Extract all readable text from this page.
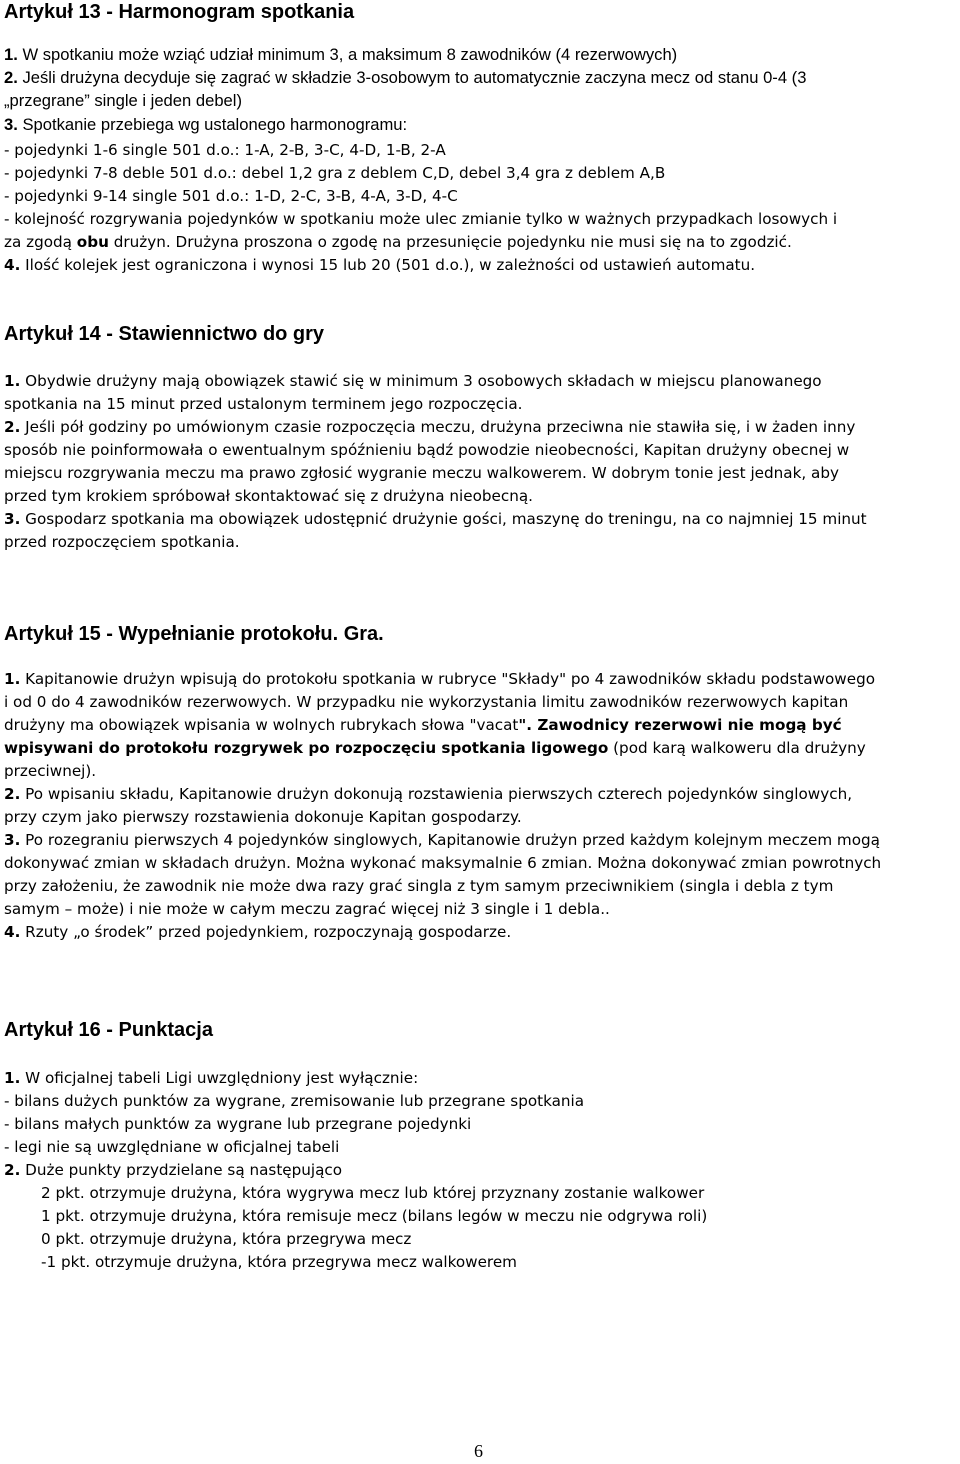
Artykuł 13 - Harmonogram spotkania

1. W spotkaniu może wziąć udział minimum 3, a maksimum 8 zawodników (4 rezerwowych)

2. Jeśli drużyna decyduje się zagrać w składzie 3-osobowym to automatycznie zaczyna mecz od stanu 0-4 (3

„przegrane” single i jeden debel)

3. Spotkanie przebiega wg ustalonego harmonogramu:

- pojedynki 1-6 single 501 d.o.: 1-A, 2-B, 3-C, 4-D, 1-B, 2-A

- pojedynki 7-8 deble 501 d.o.: debel 1,2 gra z deblem C,D, debel 3,4 gra z deblem A,B

- pojedynki 9-14 single 501 d.o.: 1-D, 2-C, 3-B, 4-A, 3-D, 4-C

- kolejność rozgrywania pojedynków w spotkaniu może ulec zmianie tylko w ważnych przypadkach losowych i

za zgodą obu drużyn. Drużyna proszona o zgodę na przesunięcie pojedynku nie musi się na to zgodzić.

4. Ilość kolejek jest ograniczona i wynosi 15 lub 20 (501 d.o.), w zależności od ustawień automatu.

Artykuł 14 - Stawiennictwo do gry

1. Obydwie drużyny mają obowiązek stawić się w minimum 3 osobowych składach w miejscu planowanego

spotkania na 15 minut przed ustalonym terminem jego rozpoczęcia.

2. Jeśli pół godziny po umówionym czasie rozpoczęcia meczu, drużyna przeciwna nie stawiła się, i w żaden inny

sposób nie poinformowała o ewentualnym spóźnieniu bądź powodzie nieobecności, Kapitan drużyny obecnej w

miejscu rozgrywania meczu ma prawo zgłosić wygranie meczu walkowerem. W dobrym tonie jest jednak, aby

przed tym krokiem spróbował skontaktować się z drużyna nieobecną.

3. Gospodarz spotkania ma obowiązek udostępnić drużynie gości, maszynę do treningu, na co najmniej 15 minut

przed rozpoczęciem spotkania.

Artykuł 15 - Wypełnianie protokołu. Gra.

1. Kapitanowie drużyn wpisują do protokołu spotkania w rubryce "Składy" po 4 zawodników składu podstawowego

i od 0 do 4 zawodników rezerwowych. W przypadku nie wykorzystania limitu zawodników rezerwowych kapitan

drużyny ma obowiązek wpisania w wolnych rubrykach słowa "vacat". Zawodnicy rezerwowi nie mogą być

wpisywani do protokołu rozgrywek po rozpoczęciu spotkania ligowego (pod karą walkoweru dla drużyny

przeciwnej).

2. Po wpisaniu składu, Kapitanowie drużyn dokonują rozstawienia pierwszych czterech pojedynków singlowych,

przy czym jako pierwszy rozstawienia dokonuje Kapitan gospodarzy.

3. Po rozegraniu pierwszych 4 pojedynków singlowych, Kapitanowie drużyn przed każdym kolejnym meczem mogą

dokonywać zmian w składach drużyn. Można wykonać maksymalnie 6 zmian. Można dokonywać zmian powrotnych

przy założeniu, że zawodnik nie może dwa razy grać singla z tym samym przeciwnikiem (singla i debla z tym

samym – może) i nie może w całym meczu zagrać więcej niż 3 single i 1 debla..

4. Rzuty „o środek” przed pojedynkiem, rozpoczynają gospodarze.

Artykuł 16 - Punktacja

1. W oficjalnej tabeli Ligi uwzględniony jest wyłącznie:

- bilans dużych punktów za wygrane, zremisowanie lub przegrane spotkania

- bilans małych punktów za wygrane lub przegrane pojedynki

- legi nie są uwzględniane w oficjalnej tabeli

2. Duże punkty przydzielane są następująco

2 pkt. otrzymuje drużyna, która wygrywa mecz lub której przyznany zostanie walkower

1 pkt. otrzymuje drużyna, która remisuje mecz (bilans legów w meczu nie odgrywa roli)

0 pkt. otrzymuje drużyna, która przegrywa mecz

-1 pkt. otrzymuje drużyna, która przegrywa mecz walkowerem

6
